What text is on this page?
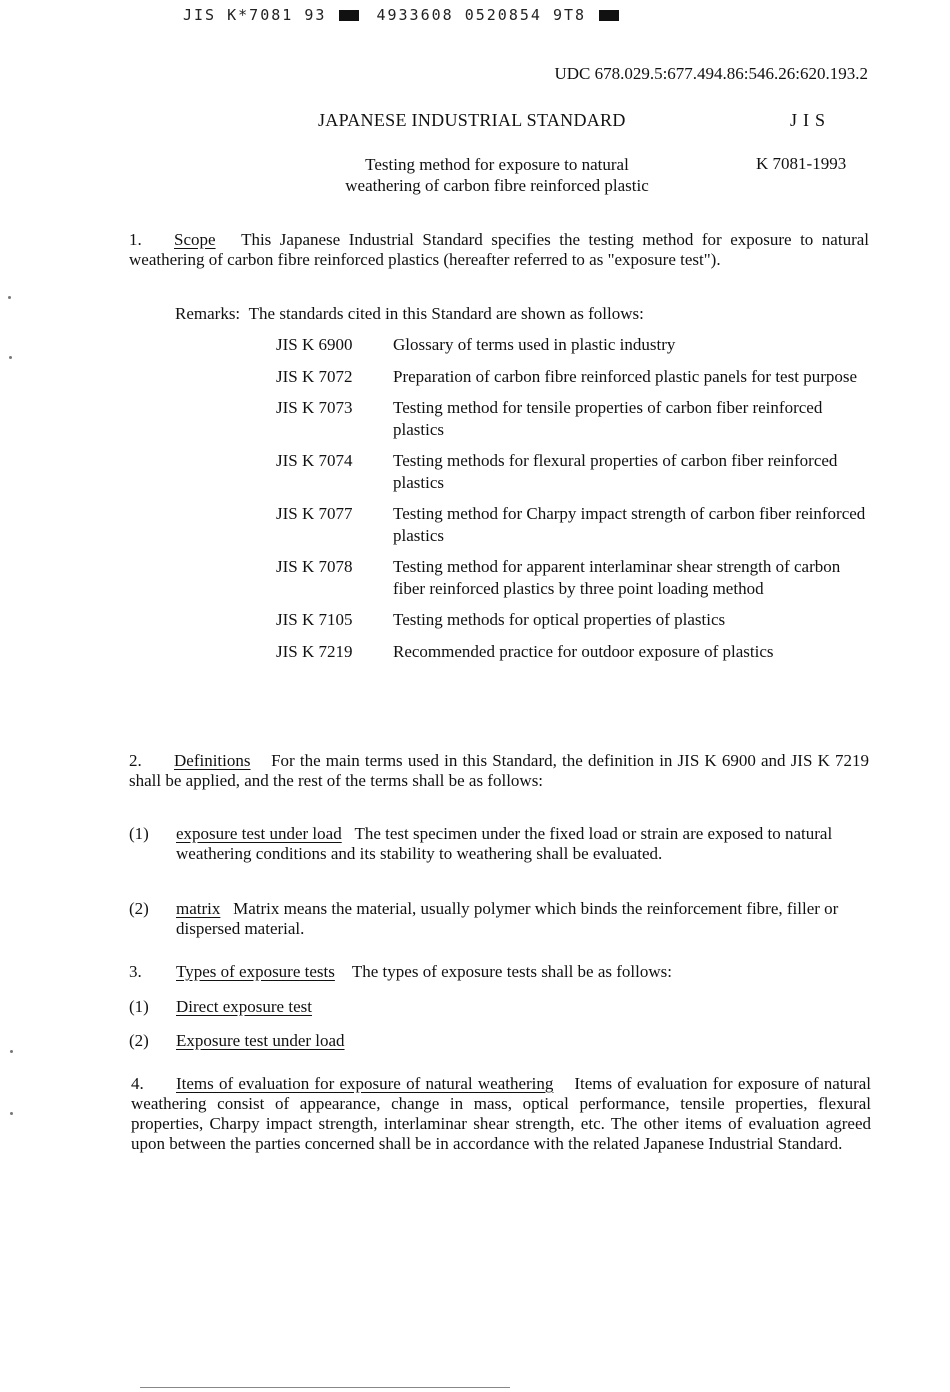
JIS K*7081 93	4933608 0520854 9T8
UDC 678.029.5:677.494.86:546.26:620.193.2
JAPANESE INDUSTRIAL STANDARD	JIS
Testing method for exposure to natural
weathering of carbon fibre reinforced plastic
K 7081-1993
1. Scope This Japanese Industrial Standard specifies the testing method for exposure to natural weathering of carbon fibre reinforced plastics (hereafter referred to as "exposure test").
Remarks: The standards cited in this Standard are shown as follows:
JIS K 6900	Glossary of terms used in plastic industry
JIS K 7072	Preparation of carbon fibre reinforced plastic panels for test purpose
JIS K 7073	Testing method for tensile properties of carbon fiber reinforced plastics
JIS K 7074	Testing methods for flexural properties of carbon fiber reinforced plastics
JIS K 7077	Testing method for Charpy impact strength of carbon fiber reinforced plastics
JIS K 7078	Testing method for apparent interlaminar shear strength of carbon fiber reinforced plastics by three point loading method
JIS K 7105	Testing methods for optical properties of plastics
JIS K 7219	Recommended practice for outdoor exposure of plastics
2. Definitions For the main terms used in this Standard, the definition in JIS K 6900 and JIS K 7219 shall be applied, and the rest of the terms shall be as follows:
(1)	exposure test under load The test specimen under the fixed load or strain are exposed to natural weathering conditions and its stability to weathering shall be evaluated.
(2)	matrix Matrix means the material, usually polymer which binds the reinforcement fibre, filler or dispersed material.
3.	Types of exposure tests The types of exposure tests shall be as follows:
(1)	Direct exposure test
(2)	Exposure test under load
4. Items of evaluation for exposure of natural weathering Items of evaluation for exposure of natural weathering consist of appearance, change in mass, optical performance, tensile properties, flexural properties, Charpy impact strength, interlaminar shear strength, etc. The other items of evaluation agreed upon between the parties concerned shall be in accordance with the related Japanese Industrial Standard.
